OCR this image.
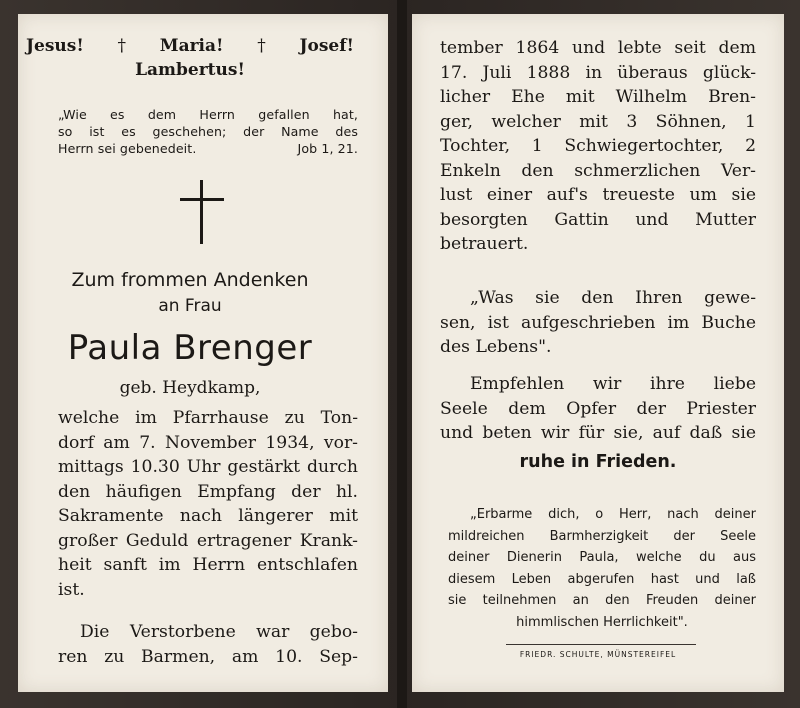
Jesus! † Maria! † Josef!
Lambertus!
„Wie es dem Herrn gefallen hat,
so ist es geschehen; der Name des
Herrn sei gebenedeit.	Job 1, 21.
Zum frommen Andenken
an Frau
Paula Brenger
geb. Heydkamp,
welche im Pfarrhause zu Ton-
dorf am 7. November 1934, vor-
mittags 10.30 Uhr gestärkt durch
den häufigen Empfang der hl.
Sakramente nach längerer mit
großer Geduld ertragener Krank-
heit sanft im Herrn entschlafen
ist.
Die Verstorbene war gebo-
ren zu Barmen, am 10. Sep-
tember 1864 und lebte seit dem
17. Juli 1888 in überaus glück-
licher Ehe mit Wilhelm Bren-
ger, welcher mit 3 Söhnen, 1
Tochter, 1 Schwiegertochter, 2
Enkeln den schmerzlichen Ver-
lust einer auf's treueste um sie
besorgten Gattin und Mutter
betrauert.
„Was sie den Ihren gewe-
sen, ist aufgeschrieben im Buche
des Lebens".
Empfehlen wir ihre liebe
Seele dem Opfer der Priester
und beten wir für sie, auf daß sie
ruhe in Frieden.
„Erbarme dich, o Herr, nach deiner
mildreichen Barmherzigkeit der Seele
deiner Dienerin Paula, welche du aus
diesem Leben abgerufen hast und laß
sie teilnehmen an den Freuden deiner
himmlischen Herrlichkeit".
FRIEDR. SCHULTE, MÜNSTEREIFEL
